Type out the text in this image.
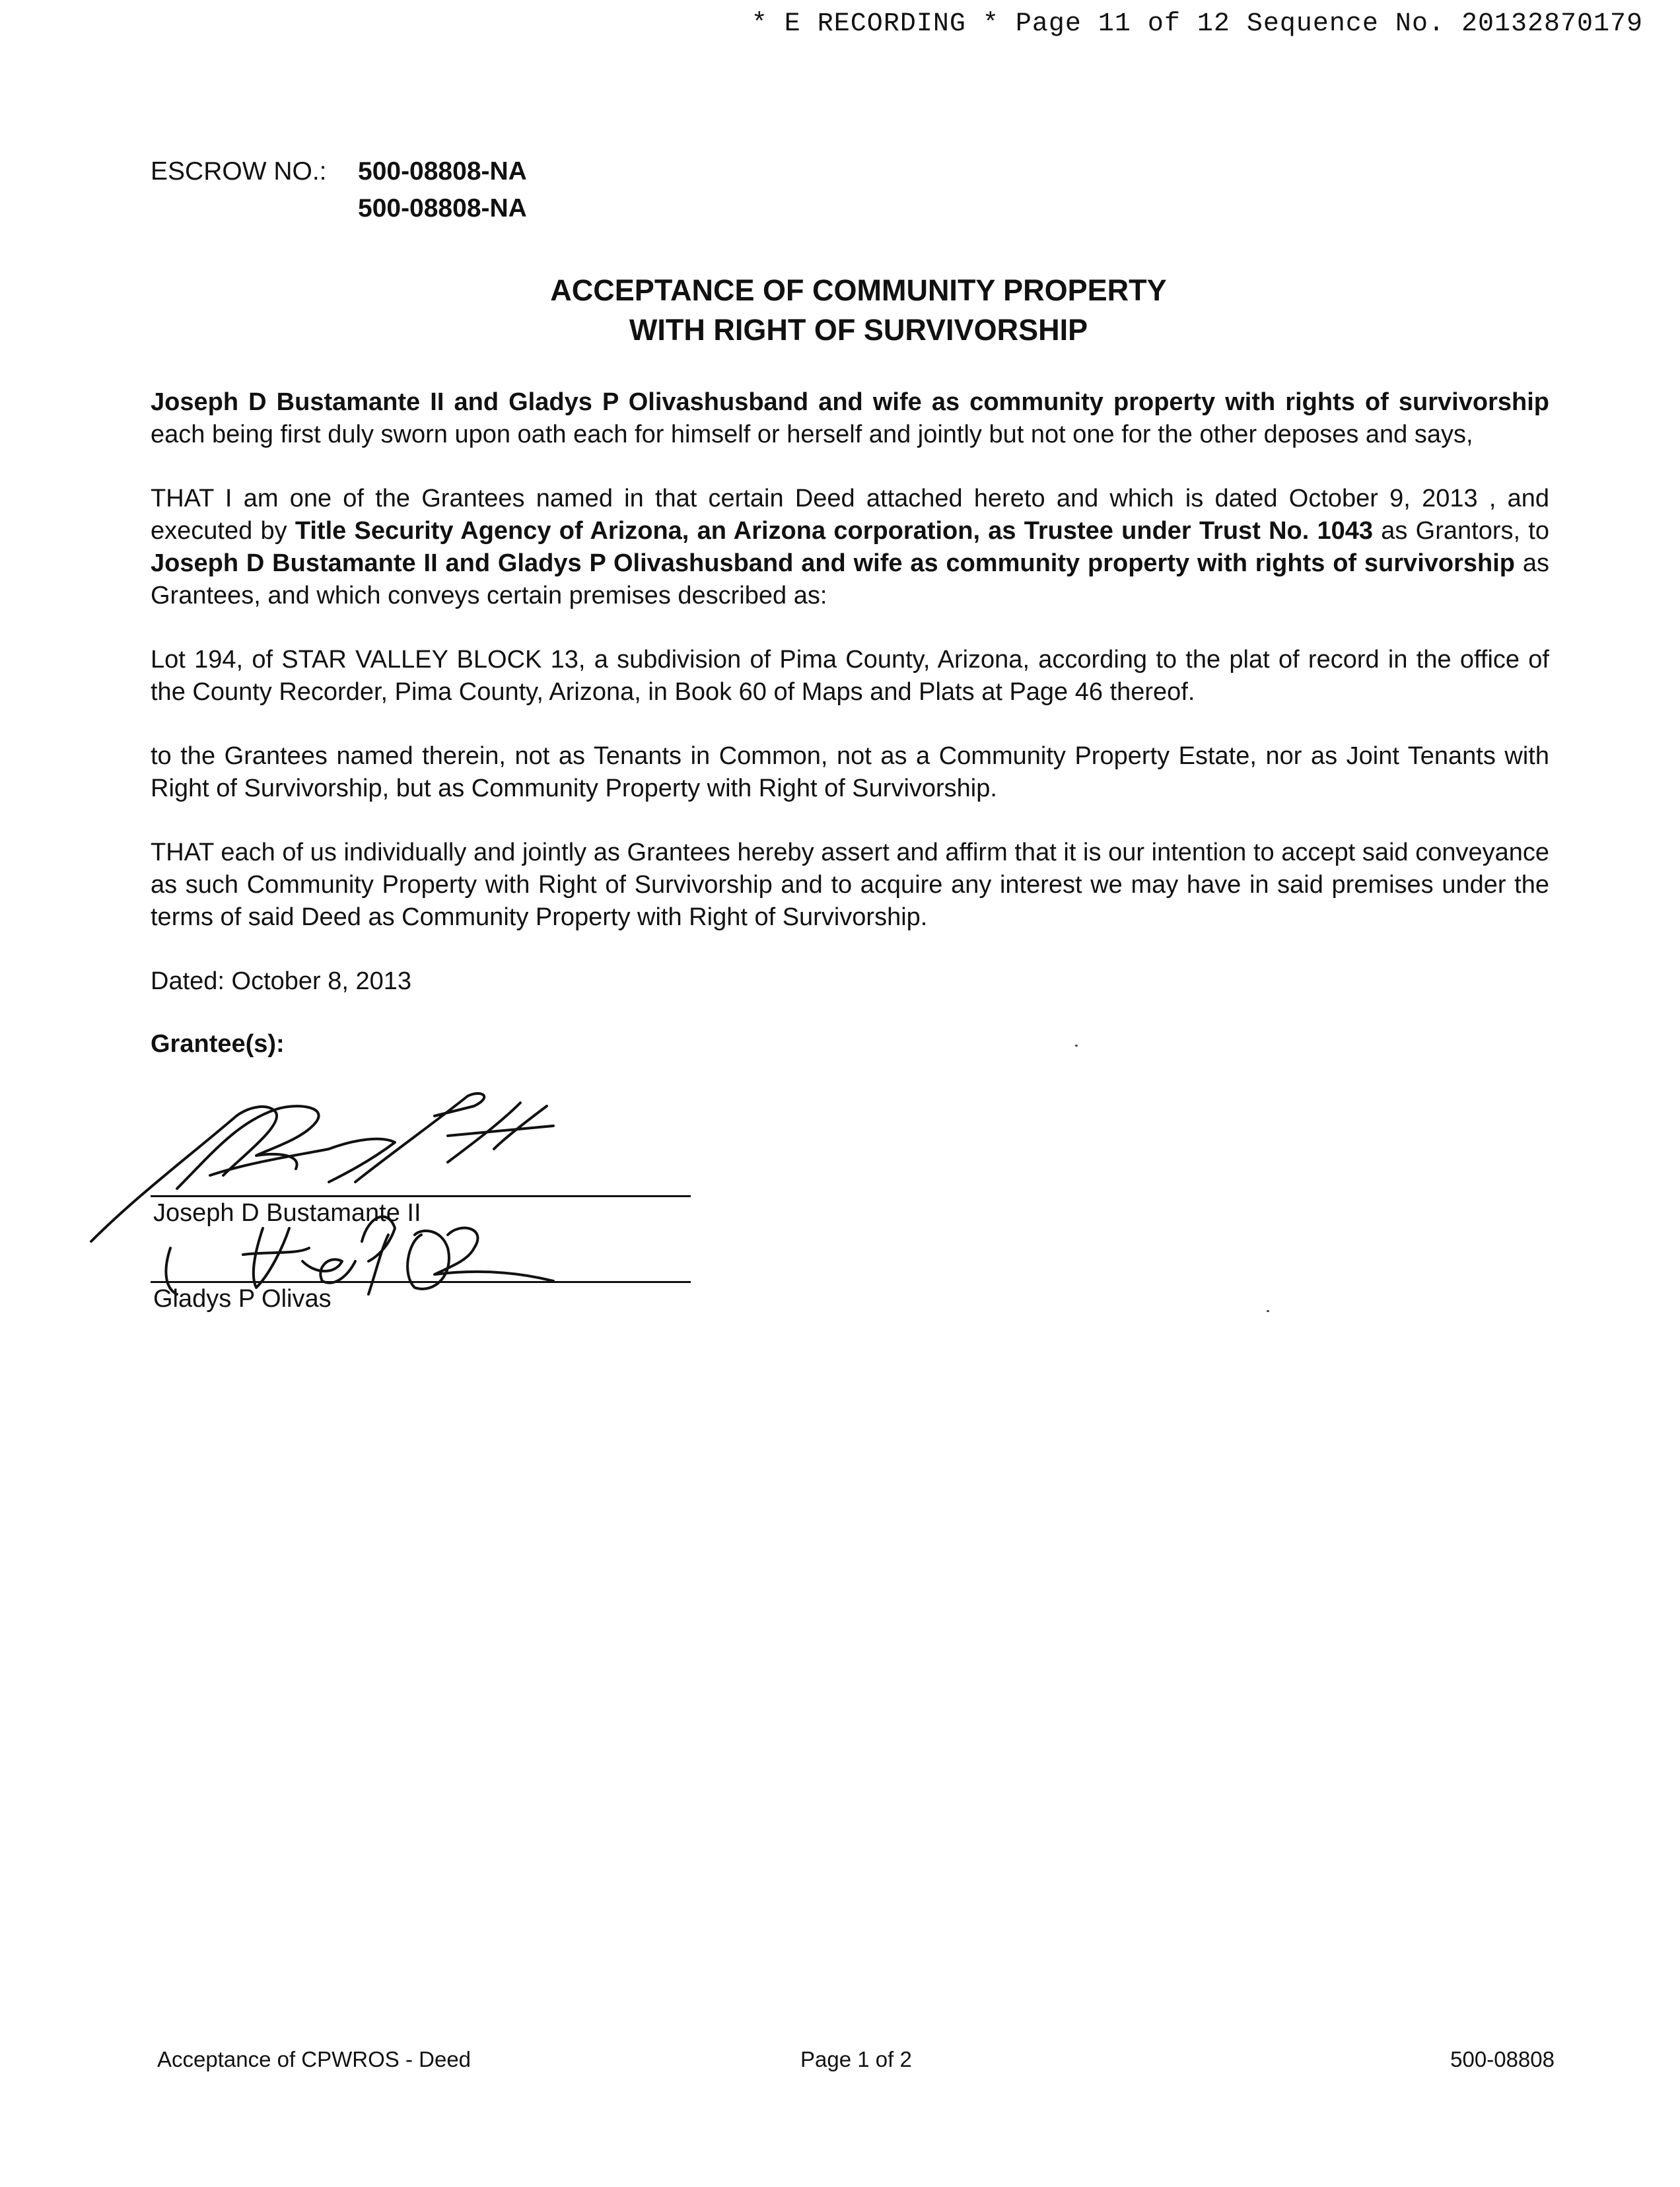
* E RECORDING * Page 11 of 12 Sequence No. 20132870179
ESCROW NO.: 500-08808-NA
500-08808-NA
ACCEPTANCE OF COMMUNITY PROPERTY
WITH RIGHT OF SURVIVORSHIP

Joseph D Bustamante II and Gladys P Olivashusband and wife as community property with rights of survivorship each being first duly sworn upon oath each for himself or herself and jointly but not one for the other deposes and says,

THAT I am one of the Grantees named in that certain Deed attached hereto and which is dated October 9, 2013 , and executed by Title Security Agency of Arizona, an Arizona corporation, as Trustee under Trust No. 1043 as Grantors, to Joseph D Bustamante II and Gladys P Olivashusband and wife as community property with rights of survivorship as Grantees, and which conveys certain premises described as:

Lot 194, of STAR VALLEY BLOCK 13, a subdivision of Pima County, Arizona, according to the plat of record in the office of the County Recorder, Pima County, Arizona, in Book 60 of Maps and Plats at Page 46 thereof.

to the Grantees named therein, not as Tenants in Common, not as a Community Property Estate, nor as Joint Tenants with Right of Survivorship, but as Community Property with Right of Survivorship.

THAT each of us individually and jointly as Grantees hereby assert and affirm that it is our intention to accept said conveyance as such Community Property with Right of Survivorship and to acquire any interest we may have in said premises under the terms of said Deed as Community Property with Right of Survivorship.

Dated: October 8, 2013
Grantee(s):
Joseph D Bustamante II
Gladys P Olivas
Acceptance of CPWROS - Deed	Page 1 of 2	500-08808
